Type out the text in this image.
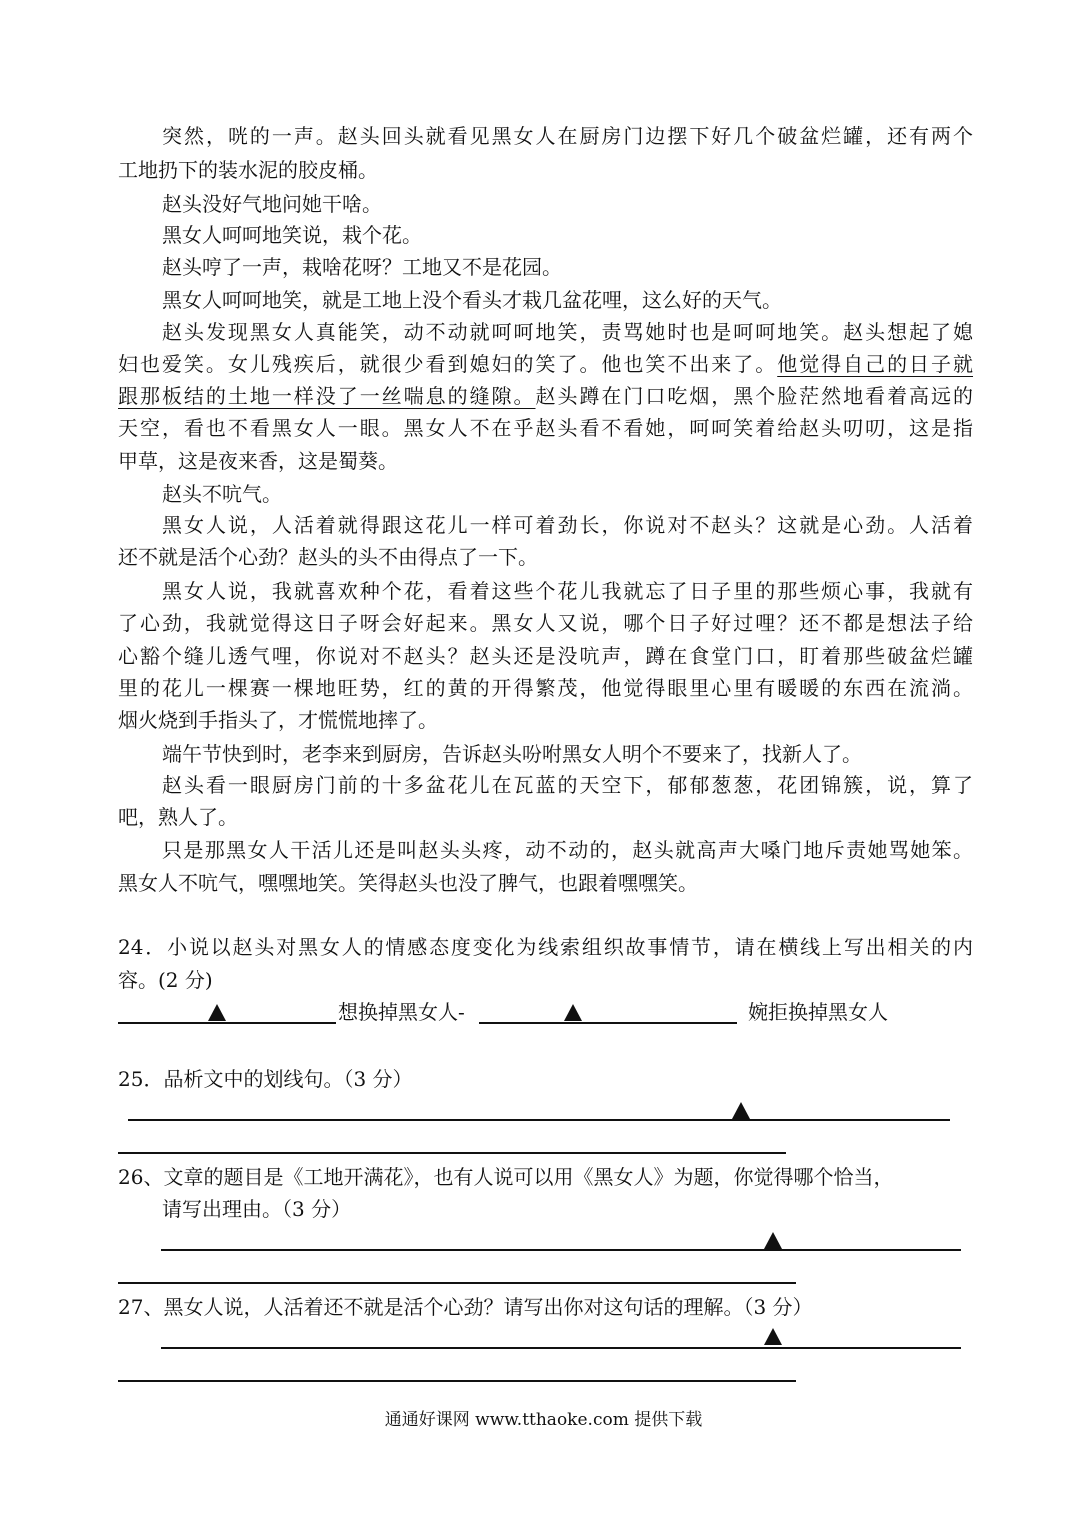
突然，咣的一声。赵头回头就看见黑女人在厨房门边摆下好几个破盆烂罐，还有两个
工地扔下的装水泥的胶皮桶。
赵头没好气地问她干啥。
黑女人呵呵地笑说，栽个花。
赵头哼了一声，栽啥花呀？工地又不是花园。
黑女人呵呵地笑，就是工地上没个看头才栽几盆花哩，这么好的天气。
赵头发现黑女人真能笑，动不动就呵呵地笑，责骂她时也是呵呵地笑。赵头想起了媳
妇也爱笑。女儿残疾后，就很少看到媳妇的笑了。他也笑不出来了。他觉得自己的日子就
跟那板结的土地一样没了一丝喘息的缝隙。赵头蹲在门口吃烟，黑个脸茫然地看着高远的
天空，看也不看黑女人一眼。黑女人不在乎赵头看不看她，呵呵笑着给赵头叨叨，这是指
甲草，这是夜来香，这是蜀葵。
赵头不吭气。
黑女人说，人活着就得跟这花儿一样可着劲长，你说对不赵头？这就是心劲。人活着
还不就是活个心劲？赵头的头不由得点了一下。
黑女人说，我就喜欢种个花，看着这些个花儿我就忘了日子里的那些烦心事，我就有
了心劲，我就觉得这日子呀会好起来。黑女人又说，哪个日子好过哩？还不都是想法子给
心豁个缝儿透气哩，你说对不赵头？赵头还是没吭声，蹲在食堂门口，盯着那些破盆烂罐
里的花儿一棵赛一棵地旺势，红的黄的开得繁茂，他觉得眼里心里有暖暖的东西在流淌。
烟火烧到手指头了，才慌慌地摔了。
端午节快到时，老李来到厨房，告诉赵头吩咐黑女人明个不要来了，找新人了。
赵头看一眼厨房门前的十多盆花儿在瓦蓝的天空下，郁郁葱葱，花团锦簇，说，算了
吧，熟人了。
只是那黑女人干活儿还是叫赵头头疼，动不动的，赵头就高声大嗓门地斥责她骂她笨。
黑女人不吭气，嘿嘿地笑。笑得赵头也没了脾气，也跟着嘿嘿笑。
24．小说以赵头对黑女人的情感态度变化为线索组织故事情节，请在横线上写出相关的内
容。(2 分)
想换掉黑女人-	婉拒换掉黑女人
25．品析文中的划线句。（3 分）
26、文章的题目是《工地开满花》，也有人说可以用《黑女人》为题，你觉得哪个恰当，
请写出理由。（3 分）
27、黑女人说，人活着还不就是活个心劲？请写出你对这句话的理解。（3 分）
通通好课网 www.tthaoke.com 提供下载
